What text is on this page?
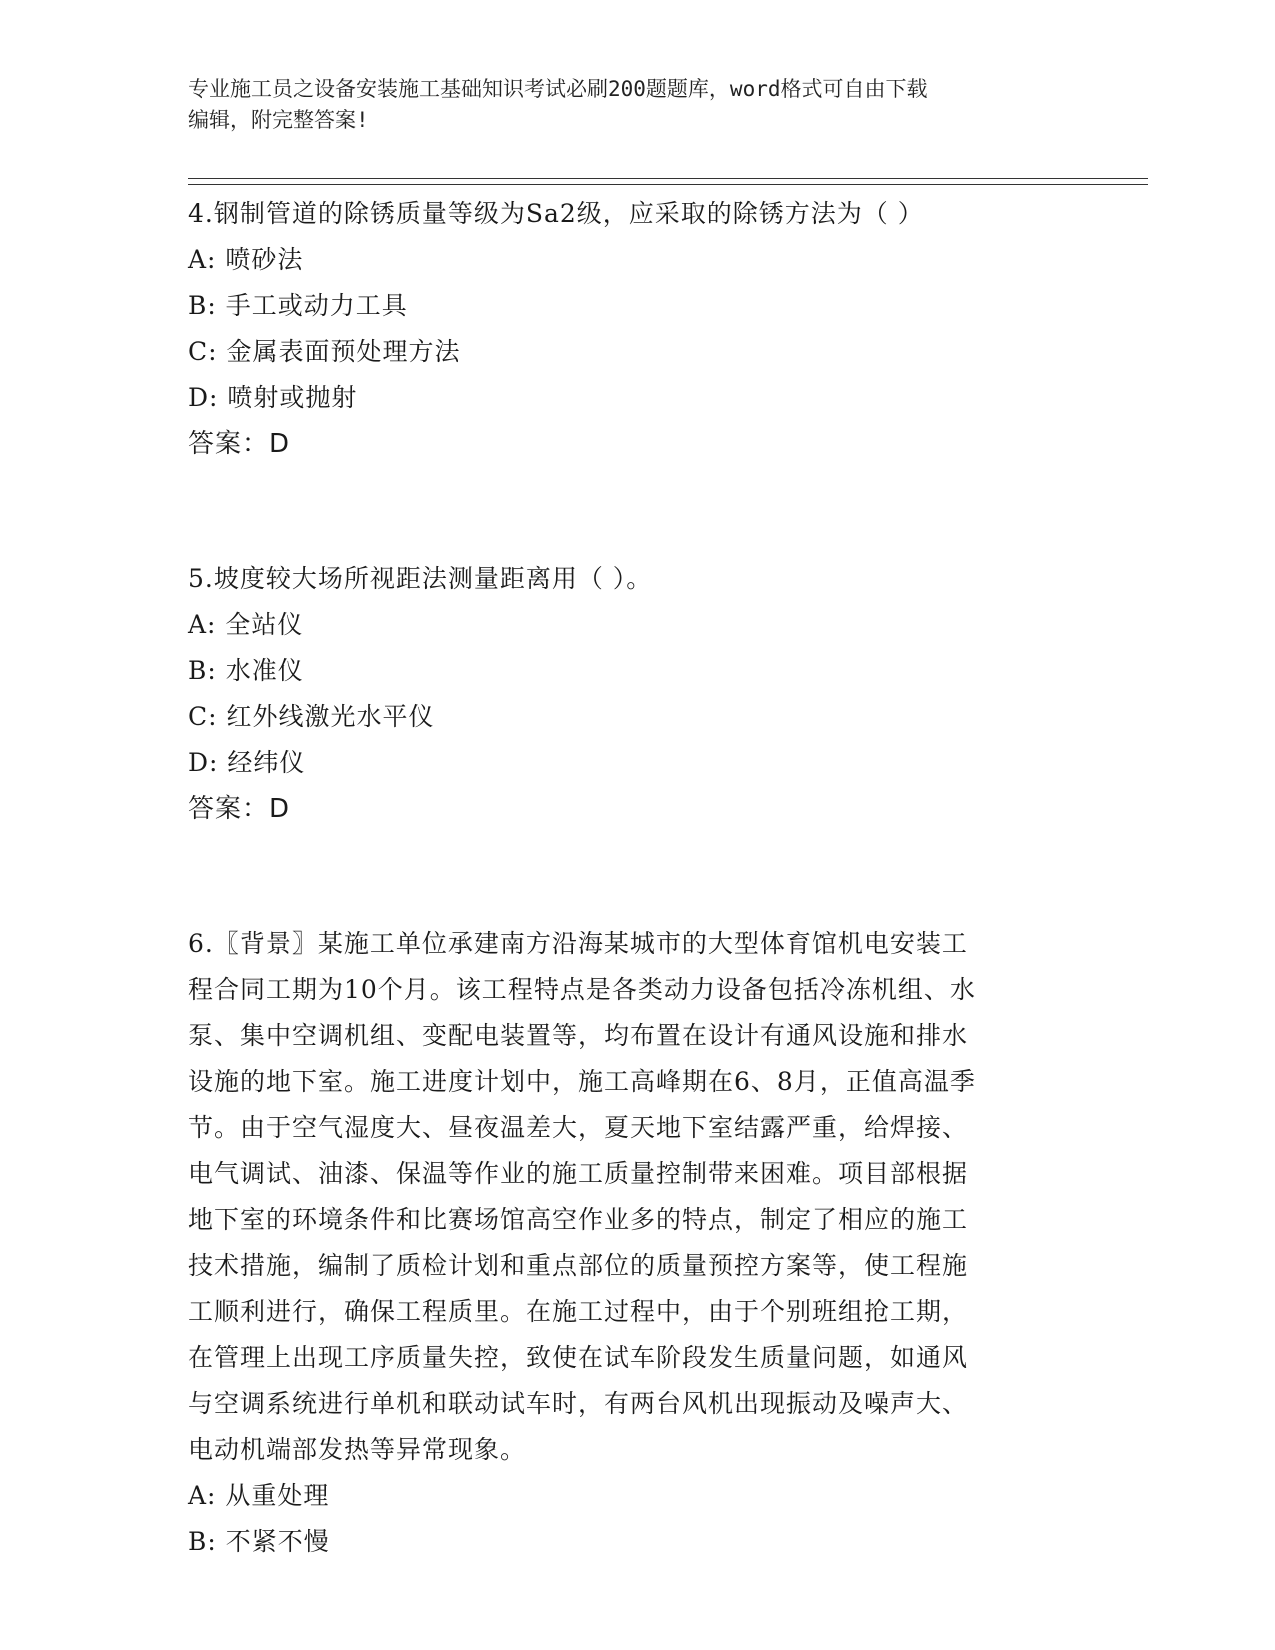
专业施工员之设备安装施工基础知识考试必刷200题题库，word格式可自由下载
编辑，附完整答案!
4.钢制管道的除锈质量等级为Sa2级，应采取的除锈方法为（ ）
A: 喷砂法
B: 手工或动力工具
C: 金属表面预处理方法
D: 喷射或抛射
答案：D
5.坡度较大场所视距法测量距离用（ ）。
A: 全站仪
B: 水准仪
C: 红外线激光水平仪
D: 经纬仪
答案：D
6.〖背景〗某施工单位承建南方沿海某城市的大型体育馆机电安装工
程合同工期为10个月。该工程特点是各类动力设备包括冷冻机组、水
泵、集中空调机组、变配电装置等，均布置在设计有通风设施和排水
设施的地下室。施工进度计划中，施工高峰期在6、8月，正值高温季
节。由于空气湿度大、昼夜温差大，夏天地下室结露严重，给焊接、
电气调试、油漆、保温等作业的施工质量控制带来困难。项目部根据
地下室的环境条件和比赛场馆高空作业多的特点，制定了相应的施工
技术措施，编制了质检计划和重点部位的质量预控方案等，使工程施
工顺利进行，确保工程质里。在施工过程中，由于个别班组抢工期，
在管理上出现工序质量失控，致使在试车阶段发生质量问题，如通风
与空调系统进行单机和联动试车时，有两台风机出现振动及噪声大、
电动机端部发热等异常现象。
A: 从重处理
B: 不紧不慢
